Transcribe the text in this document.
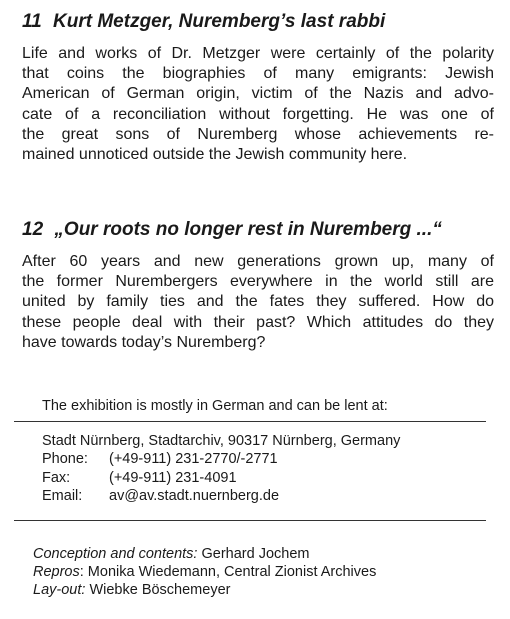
11 Kurt Metzger, Nuremberg’s last rabbi

Life and works of Dr. Metzger were certainly of the polarity
that coins the biographies of many emigrants: Jewish
American of German origin, victim of the Nazis and advo-
cate of a reconciliation without forgetting. He was one of
the great sons of Nuremberg whose achievements re-
mained unnoticed outside the Jewish community here.

12 „Our roots no longer rest in Nuremberg ...“

After 60 years and new generations grown up, many of
the former Nurembergers everywhere in the world still are
united by family ties and the fates they suffered. How do
these people deal with their past? Which attitudes do they
have towards today’s Nuremberg?

The exhibition is mostly in German and can be lent at:

Stadt Nürnberg, Stadtarchiv, 90317 Nürnberg, Germany
Phone:	(+49-911) 231-2770/-2771
Fax:	(+49-911) 231-4091
Email:	av@av.stadt.nuernberg.de
Conception and contents: Gerhard Jochem
Repros: Monika Wiedemann, Central Zionist Archives
Lay-out: Wiebke Böschemeyer
